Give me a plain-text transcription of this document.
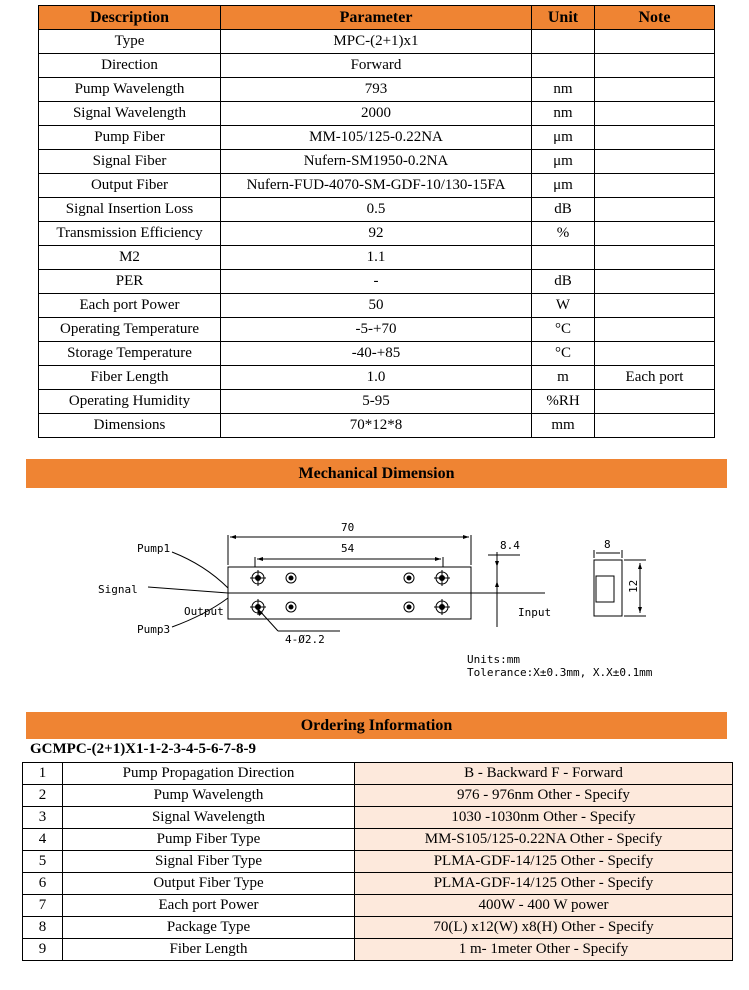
Description	Parameter	Unit	Note
Type	MPC-(2+1)x1		
Direction	Forward		
Pump Wavelength	793	nm	
Signal Wavelength	2000	nm	
Pump Fiber	MM-105/125-0.22NA	μm	
Signal Fiber	Nufern-SM1950-0.2NA	μm	
Output Fiber	Nufern-FUD-4070-SM-GDF-10/130-15FA	μm	
Signal Insertion Loss	0.5	dB	
Transmission Efficiency	92	%	
M2	1.1		
PER	-	dB	
Each port Power	50	W	
Operating Temperature	-5-+70	°C	
Storage Temperature	-40-+85	°C	
Fiber Length	1.0	m	Each port
Operating Humidity	5-95	%RH	
Dimensions	70*12*8	mm	
Mechanical Dimension
Pump1
Signal
Pump3
Output	Input
70
54	8.4	8
12
4-Ø2.2
Units:mm
Tolerance:X±0.3mm, X.X±0.1mm
Ordering Information
GCMPC-(2+1)X1-1-2-3-4-5-6-7-8-9
1	Pump Propagation Direction	B - Backward F - Forward
2	Pump Wavelength	976 - 976nm Other - Specify
3	Signal Wavelength	1030 -1030nm Other - Specify
4	Pump Fiber Type	MM-S105/125-0.22NA Other - Specify
5	Signal Fiber Type	PLMA-GDF-14/125 Other - Specify
6	Output Fiber Type	PLMA-GDF-14/125 Other - Specify
7	Each port Power	400W - 400 W power
8	Package Type	70(L) x12(W) x8(H) Other - Specify
9	Fiber Length	1 m- 1meter Other - Specify
